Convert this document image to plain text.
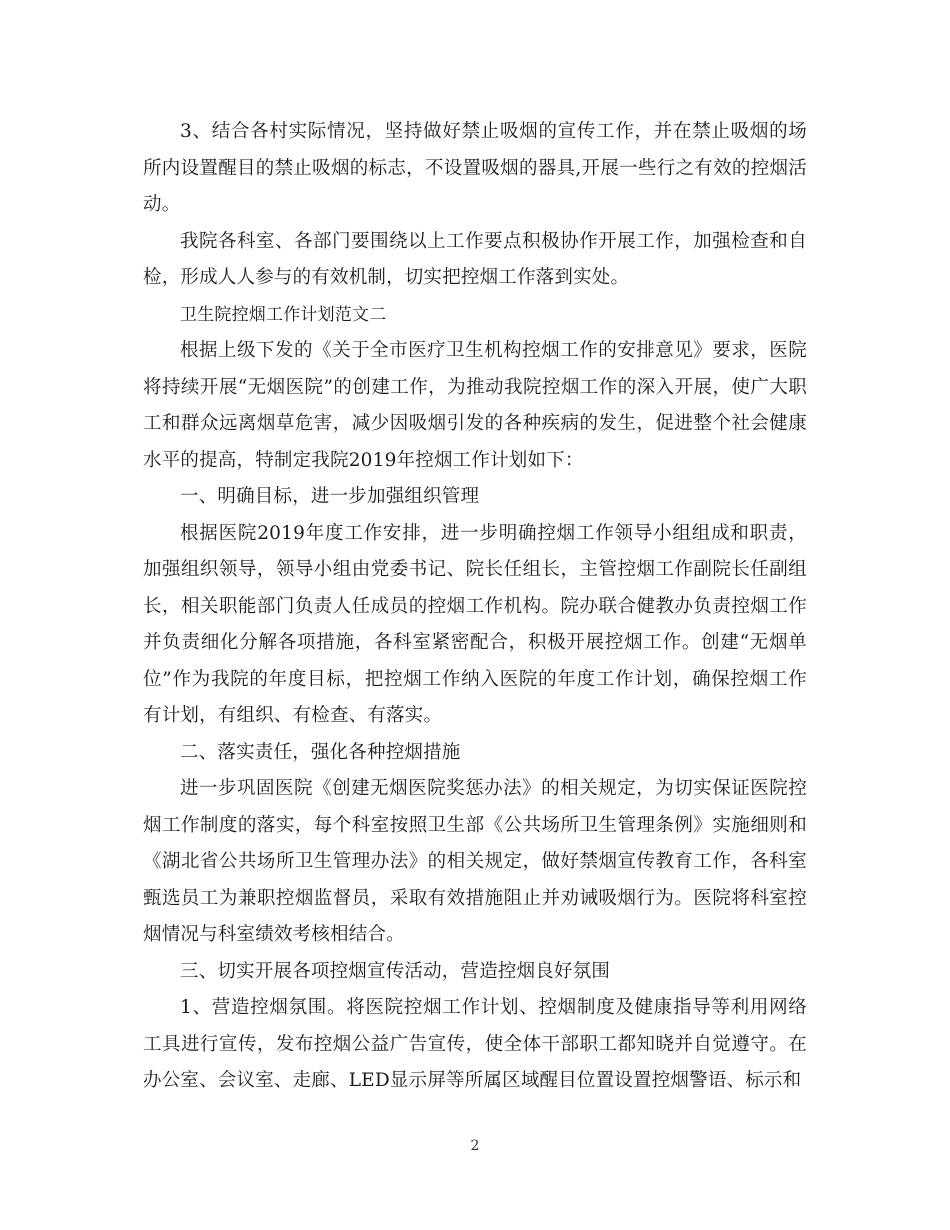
3、结合各村实际情况，坚持做好禁止吸烟的宣传工作，并在禁止吸烟的场所内设置醒目的禁止吸烟的标志，不设置吸烟的器具,开展一些行之有效的控烟活动。

我院各科室、各部门要围绕以上工作要点积极协作开展工作，加强检查和自检，形成人人参与的有效机制，切实把控烟工作落到实处。

卫生院控烟工作计划范文二

根据上级下发的《关于全市医疗卫生机构控烟工作的安排意见》要求，医院将持续开展“无烟医院”的创建工作，为推动我院控烟工作的深入开展，使广大职工和群众远离烟草危害，减少因吸烟引发的各种疾病的发生，促进整个社会健康水平的提高，特制定我院2019年控烟工作计划如下：

一、明确目标，进一步加强组织管理

根据医院2019年度工作安排，进一步明确控烟工作领导小组组成和职责，加强组织领导，领导小组由党委书记、院长任组长，主管控烟工作副院长任副组长，相关职能部门负责人任成员的控烟工作机构。院办联合健教办负责控烟工作并负责细化分解各项措施，各科室紧密配合，积极开展控烟工作。创建“无烟单位”作为我院的年度目标，把控烟工作纳入医院的年度工作计划，确保控烟工作有计划，有组织、有检查、有落实。

二、落实责任，强化各种控烟措施

进一步巩固医院《创建无烟医院奖惩办法》的相关规定，为切实保证医院控烟工作制度的落实，每个科室按照卫生部《公共场所卫生管理条例》实施细则和《湖北省公共场所卫生管理办法》的相关规定，做好禁烟宣传教育工作，各科室甄选员工为兼职控烟监督员，采取有效措施阻止并劝诫吸烟行为。医院将科室控烟情况与科室绩效考核相结合。

三、切实开展各项控烟宣传活动，营造控烟良好氛围

1、营造控烟氛围。将医院控烟工作计划、控烟制度及健康指导等利用网络工具进行宣传，发布控烟公益广告宣传，使全体干部职工都知晓并自觉遵守。在办公室、会议室、走廊、LED显示屏等所属区域醒目位置设置控烟警语、标示和

2
